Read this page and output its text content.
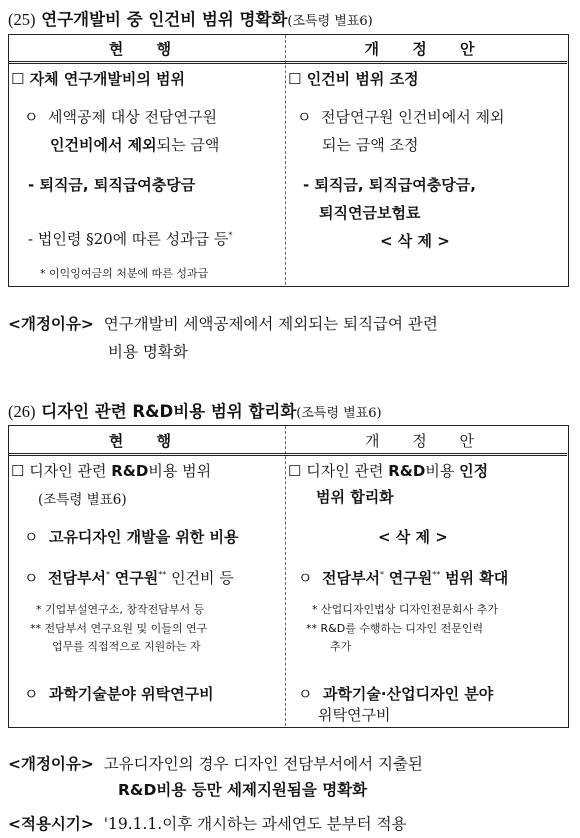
(25) 연구개발비 중 인건비 범위 명확화(조특령 별표6)
현 행	개 정 안
☐ 자체 연구개발비의 범위
ㅇ 세액공제 대상 전담연구원
인건비에서 제외되는 금액
- 퇴직금, 퇴직급여충당금
- 법인령 §20에 따른 성과급 등*
* 이익잉여금의 처분에 따른 성과급
☐ 인건비 범위 조정
ㅇ 전담연구원 인건비에서 제외
되는 금액 조정
- 퇴직금, 퇴직급여충당금,
퇴직연금보험료
< 삭 제 >
<개정이유> 연구개발비 세액공제에서 제외되는 퇴직급여 관련
비용 명확화
(26) 디자인 관련 R&D비용 범위 합리화(조특령 별표6)
현 행	개 정 안
☐ 디자인 관련 R&D비용 범위
(조특령 별표6)
ㅇ 고유디자인 개발을 위한 비용
ㅇ 전담부서* 연구원** 인건비 등
* 기업부설연구소, 창작전담부서 등
** 전담부서 연구요원 및 이들의 연구
업무를 직접적으로 지원하는 자
ㅇ 과학기술분야 위탁연구비
☐ 디자인 관련 R&D비용 인정
범위 합리화
< 삭 제 >
ㅇ 전담부서* 연구원** 범위 확대
* 산업디자인법상 디자인전문회사 추가
** R&D를 수행하는 디자인 전문인력
추가
ㅇ 과학기술·산업디자인 분야
위탁연구비
<개정이유> 고유디자인의 경우 디자인 전담부서에서 지출된
R&D비용 등만 세제지원됨을 명확화
<적용시기> '19.1.1.이후 개시하는 과세연도 분부터 적용
